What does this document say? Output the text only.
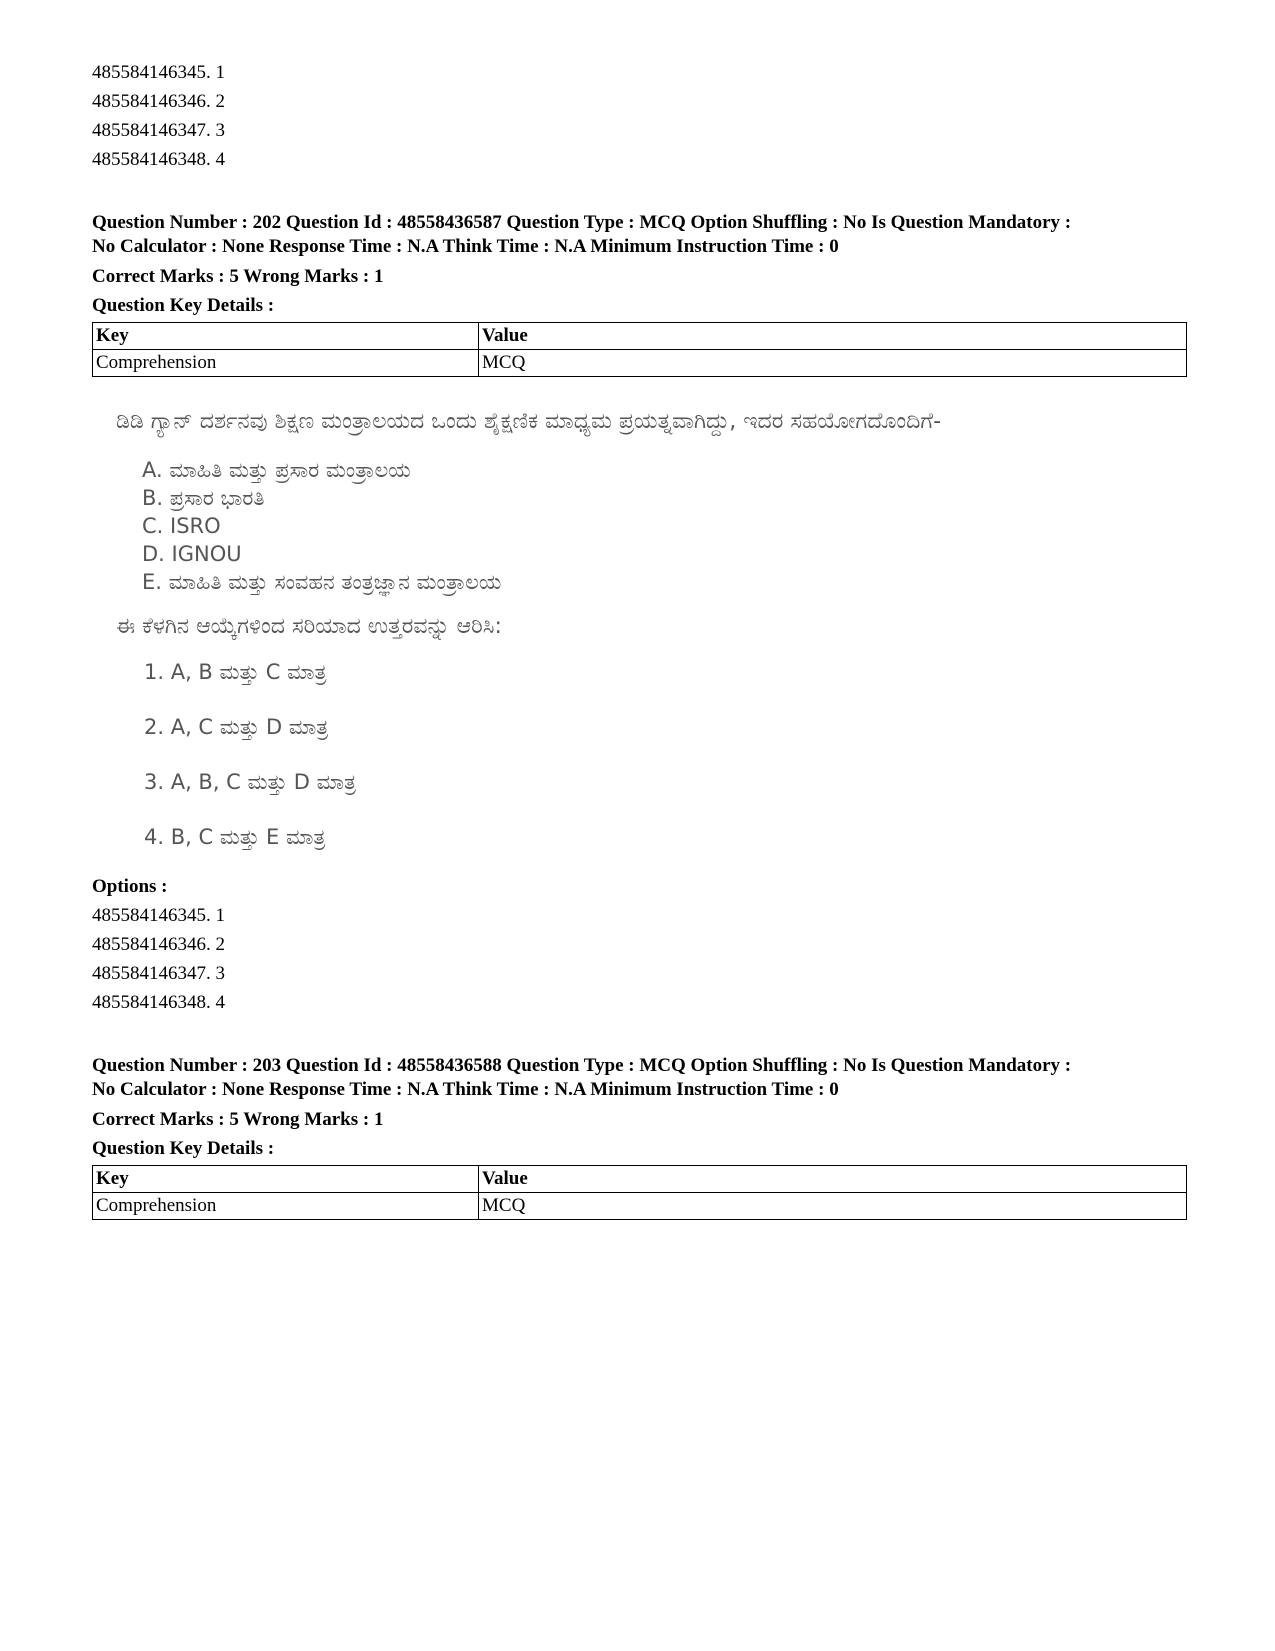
485584146345. 1
485584146346. 2
485584146347. 3
485584146348. 4
Question Number : 202 Question Id : 48558436587 Question Type : MCQ Option Shuffling : No Is Question Mandatory :
No Calculator : None Response Time : N.A Think Time : N.A Minimum Instruction Time : 0
Correct Marks : 5 Wrong Marks : 1
Question Key Details :
Key	Value
Comprehension	MCQ
ಡಿಡಿ ಗ್ಯಾನ್ ದರ್ಶನವು ಶಿಕ್ಷಣ ಮಂತ್ರಾಲಯದ ಒಂದು ಶೈಕ್ಷಣಿಕ ಮಾಧ್ಯಮ ಪ್ರಯತ್ನವಾಗಿದ್ದು, ಇದರ ಸಹಯೋಗದೊಂದಿಗೆ-
A. ಮಾಹಿತಿ ಮತ್ತು ಪ್ರಸಾರ ಮಂತ್ರಾಲಯ
B. ಪ್ರಸಾರ ಭಾರತಿ
C. ISRO
D. IGNOU
E. ಮಾಹಿತಿ ಮತ್ತು ಸಂವಹನ ತಂತ್ರಜ್ಞಾನ ಮಂತ್ರಾಲಯ
ಈ ಕೆಳಗಿನ ಆಯ್ಕೆಗಳಿಂದ ಸರಿಯಾದ ಉತ್ತರವನ್ನು ಆರಿಸಿ:
1. A, B ಮತ್ತು C ಮಾತ್ರ
2. A, C ಮತ್ತು D ಮಾತ್ರ
3. A, B, C ಮತ್ತು D ಮಾತ್ರ
4. B, C ಮತ್ತು E ಮಾತ್ರ
Options :
485584146345. 1
485584146346. 2
485584146347. 3
485584146348. 4
Question Number : 203 Question Id : 48558436588 Question Type : MCQ Option Shuffling : No Is Question Mandatory :
No Calculator : None Response Time : N.A Think Time : N.A Minimum Instruction Time : 0
Correct Marks : 5 Wrong Marks : 1
Question Key Details :
Key	Value
Comprehension	MCQ
